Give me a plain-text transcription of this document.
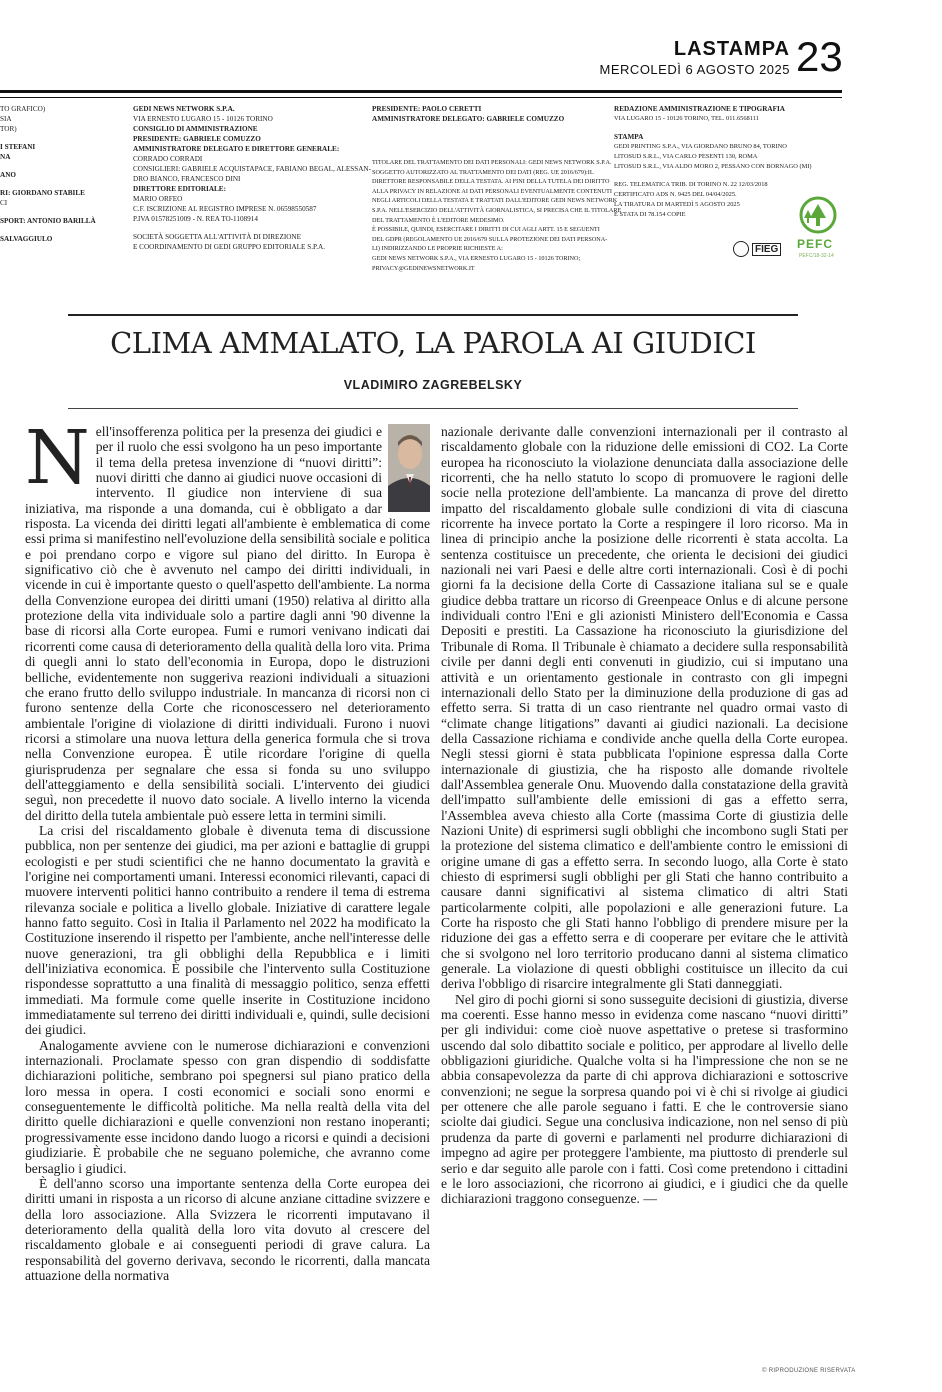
LASTAMPA
MERCOLEDÌ 6 AGOSTO 2025 23
TO GRAFICO)
SIA
TOR)
I STEFANI
NA
ANO
RI: GIORDANO STABILE
CI
SPORT: ANTONIO BARILLÀ
SALVAGGIULO
GEDI NEWS NETWORK S.P.A.
VIA ERNESTO LUGARO 15 - 10126 TORINO
CONSIGLIO DI AMMINISTRAZIONE
PRESIDENTE: GABRIELE COMUZZO
AMMINISTRATORE DELEGATO E DIRETTORE GENERALE:
CORRADO CORRADI
CONSIGLIERI: GABRIELE ACQUISTAPACE, FABIANO BEGAL, ALESSAN-
DRO BIANCO, FRANCESCO DINI
DIRETTORE EDITORIALE:
MARIO ORFEO
C.F. ISCRIZIONE AL REGISTRO IMPRESE N. 06598550587
P.IVA 01578251009 - N. REA TO-1108914
SOCIETÀ SOGGETTA ALL'ATTIVITÀ DI DIREZIONE
E COORDINAMENTO DI GEDI GRUPPO EDITORIALE S.P.A.
PRESIDENTE: PAOLO CERETTI
AMMINISTRATORE DELEGATO: GABRIELE COMUZZO
TITOLARE DEL TRATTAMENTO DEI DATI PERSONALI: GEDI NEWS NETWORK S.P.A.
SOGGETTO AUTORIZZATO AL TRATTAMENTO DEI DATI (REG. UE 2016/679):IL
DIRETTORE RESPONSABILE DELLA TESTATA. AI FINI DELLA TUTELA DEI DIRITTO
ALLA PRIVACY IN RELAZIONE AI DATI PERSONALI EVENTUALMENTE CONTENUTI
NEGLI ARTICOLI DELLA TESTATA E TRATTATI DALL'EDITORE GEDI NEWS NETWORK
S.P.A. NELL'ESERCIZIO DELL'ATTIVITÀ GIORNALISTICA, SI PRECISA CHE IL TITOLARE
DEL TRATTAMENTO È L'EDITORE MEDESIMO.
È POSSIBILE, QUINDI, ESERCITARE I DIRITTI DI CUI AGLI ARTT. 15 E SEGUENTI
DEL GDPR (REGOLAMENTO UE 2016/679 SULLA PROTEZIONE DEI DATI PERSONA-
LI) INDIRIZZANDO LE PROPRIE RICHIESTE A:
GEDI NEWS NETWORK S.P.A., VIA ERNESTO LUGARO 15 - 10126 TORINO;
PRIVACY@GEDINEWSNETWORK.IT
REDAZIONE AMMINISTRAZIONE E TIPOGRAFIA
VIA LUGARO 15 - 10126 TORINO, TEL. 011.6568111
STAMPA
GEDI PRINTING S.P.A., VIA GIORDANO BRUNO 84, TORINO
LITOSUD S.R.L., VIA CARLO PESENTI 130, ROMA
LITOSUD S.R.L., VIA ALDO MORO 2, PESSANO CON BORNAGO (MI)
REG. TELEMATICA TRIB. DI TORINO N. 22 12/03/2018
CERTIFICATO ADS N. 9425 DEL 04/04/2025.
LA TIRATURA DI MARTEDÌ 5 AGOSTO 2025
È STATA DI 78.154 COPIE
PEFC
PEFC/18-32-14
FIEG
CLIMA AMMALATO, LA PAROLA AI GIUDICI
VLADIMIRO ZAGREBELSKY
N ell'insofferenza politica per la presenza dei giudici e per il ruolo che essi svolgono ha un peso importante il tema della pretesa invenzione di “nuovi diritti”: nuovi diritti che danno ai giudici nuove occasioni di intervento. Il giudice non interviene di sua iniziativa, ma risponde a una domanda, cui è obbligato a dar risposta. La vicenda dei diritti legati all'ambiente è emblematica di come essi prima si manifestino nell'evoluzione della sensibilità sociale e politica e poi prendano corpo e vigore sul piano del diritto. In Europa è significativo ciò che è avvenuto nel campo dei diritti individuali, in vicende in cui è importante questo o quell'aspetto dell'ambiente. La norma della Convenzione europea dei diritti umani (1950) relativa al diritto alla protezione della vita individuale solo a partire dagli anni '90 divenne la base di ricorsi alla Corte europea. Fumi e rumori venivano indicati dai ricorrenti come causa di deterioramento della qualità della loro vita. Prima di quegli anni lo stato dell'economia in Europa, dopo le distruzioni belliche, evidentemente non suggeriva reazioni individuali a situazioni che erano frutto dello sviluppo industriale. In mancanza di ricorsi non ci furono sentenze della Corte che riconoscessero nel deterioramento ambientale l'origine di violazione di diritti individuali. Furono i nuovi ricorsi a stimolare una nuova lettura della generica formula che si trova nella Convenzione europea. È utile ricordare l'origine di quella giurisprudenza per segnalare che essa si fonda su uno sviluppo dell'atteggiamento e della sensibilità sociali. L'intervento dei giudici seguì, non precedette il nuovo dato sociale. A livello interno la vicenda del diritto della tutela ambientale può essere letta in termini simili.

La crisi del riscaldamento globale è divenuta tema di discussione pubblica, non per sentenze dei giudici, ma per azioni e battaglie di gruppi ecologisti e per studi scientifici che ne hanno documentato la gravità e l'origine nei comportamenti umani. Interessi economici rilevanti, capaci di muovere interventi politici hanno contribuito a rendere il tema di estrema rilevanza sociale e politica a livello globale. Iniziative di carattere legale hanno fatto seguito. Così in Italia il Parlamento nel 2022 ha modificato la Costituzione inserendo il rispetto per l'ambiente, anche nell'interesse delle nuove generazioni, tra gli obblighi della Repubblica e i limiti dell'iniziativa economica. È possibile che l'intervento sulla Costituzione rispondesse soprattutto a una finalità di messaggio politico, senza effetti immediati. Ma formule come quelle inserite in Costituzione incidono immediatamente sul terreno dei diritti individuali e, quindi, sulle decisioni dei giudici.

Analogamente avviene con le numerose dichiarazioni e convenzioni internazionali. Proclamate spesso con gran dispendio di soddisfatte dichiarazioni politiche, sembrano poi spegnersi sul piano pratico della loro messa in opera. I costi economici e sociali sono enormi e conseguentemente le difficoltà politiche. Ma nella realtà della vita del diritto quelle dichiarazioni e quelle convenzioni non restano inoperanti; progressivamente esse incidono dando luogo a ricorsi e quindi a decisioni giudiziarie. È probabile che ne seguano polemiche, che avranno come bersaglio i giudici.

È dell'anno scorso una importante sentenza della Corte europea dei diritti umani in risposta a un ricorso di alcune anziane cittadine svizzere e della loro associazione. Alla Svizzera le ricorrenti imputavano il deterioramento della qualità della loro vita dovuto al crescere del riscaldamento globale e ai conseguenti periodi di grave calura. La responsabilità del governo derivava, secondo le ricorrenti, dalla mancata attuazione della normativa

nazionale derivante dalle convenzioni internazionali per il contrasto al riscaldamento globale con la riduzione delle emissioni di CO2. La Corte europea ha riconosciuto la violazione denunciata dalla associazione delle ricorrenti, che ha nello statuto lo scopo di promuovere le ragioni delle socie nella protezione dell'ambiente. La mancanza di prove del diretto impatto del riscaldamento globale sulle condizioni di vita di ciascuna ricorrente ha invece portato la Corte a respingere il loro ricorso. Ma in linea di principio anche la posizione delle ricorrenti è stata accolta. La sentenza costituisce un precedente, che orienta le decisioni dei giudici nazionali nei vari Paesi e delle altre corti internazionali. Così è di pochi giorni fa la decisione della Corte di Cassazione italiana sul se e quale giudice debba trattare un ricorso di Greenpeace Onlus e di alcune persone individuali contro l'Eni e gli azionisti Ministero dell'Economia e Cassa Depositi e prestiti. La Cassazione ha riconosciuto la giurisdizione del Tribunale di Roma. Il Tribunale è chiamato a decidere sulla responsabilità civile per danni degli enti convenuti in giudizio, cui si imputano una attività e un orientamento gestionale in contrasto con gli impegni internazionali dello Stato per la diminuzione della produzione di gas ad effetto serra. Si tratta di un caso rientrante nel quadro ormai vasto di “climate change litigations” davanti ai giudici nazionali. La decisione della Cassazione richiama e condivide anche quella della Corte europea. Negli stessi giorni è stata pubblicata l'opinione espressa dalla Corte internazionale di giustizia, che ha risposto alle domande rivoltele dall'Assemblea generale Onu. Muovendo dalla constatazione della gravità dell'impatto sull'ambiente delle emissioni di gas a effetto serra, l'Assemblea aveva chiesto alla Corte (massima Corte di giustizia delle Nazioni Unite) di esprimersi sugli obblighi che incombono sugli Stati per la protezione del sistema climatico e dell'ambiente contro le emissioni di origine umane di gas a effetto serra. In secondo luogo, alla Corte è stato chiesto di esprimersi sugli obblighi per gli Stati che hanno contribuito a causare danni significativi al sistema climatico di altri Stati particolarmente colpiti, alle popolazioni e alle generazioni future. La Corte ha risposto che gli Stati hanno l'obbligo di prendere misure per la riduzione dei gas a effetto serra e di cooperare per evitare che le attività che si svolgono nel loro territorio producano danni al sistema climatico generale. La violazione di questi obblighi costituisce un illecito da cui deriva l'obbligo di risarcire integralmente gli Stati danneggiati.

Nel giro di pochi giorni si sono susseguite decisioni di giustizia, diverse ma coerenti. Esse hanno messo in evidenza come nascano “nuovi diritti” per gli individui: come cioè nuove aspettative o pretese si trasformino uscendo dal solo dibattito sociale e politico, per approdare al livello delle obbligazioni giuridiche. Qualche volta si ha l'impressione che non se ne abbia consapevolezza da parte di chi approva dichiarazioni e sottoscrive convenzioni; ne segue la sorpresa quando poi vi è chi si rivolge ai giudici per ottenere che alle parole seguano i fatti. E che le controversie siano sciolte dai giudici. Segue una conclusiva indicazione, non nel senso di più prudenza da parte di governi e parlamenti nel produrre dichiarazioni di impegno ad agire per proteggere l'ambiente, ma piuttosto di prenderle sul serio e dar seguito alle parole con i fatti. Così come pretendono i cittadini e le loro associazioni, che ricorrono ai giudici, e i giudici che da quelle dichiarazioni traggono conseguenze. —

© RIPRODUZIONE RISERVATA
